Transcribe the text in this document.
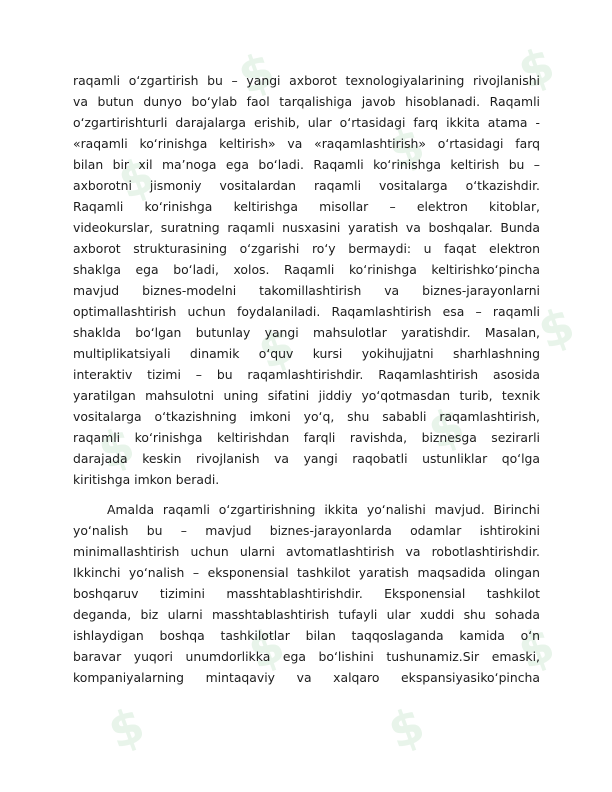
$
$
$
$
$
$
$
$
$
$
$
$
raqamli o‘zgartirish bu – yangi axborot texnologiyalarining rivojlanishi
va butun dunyo bo‘ylab faol tarqalishiga javob hisoblanadi. Raqamli
o‘zgartirishturli darajalarga erishib, ular o‘rtasidagi farq ikkita atama -
«raqamli ko‘rinishga keltirish» va «raqamlashtirish» o‘rtasidagi farq
bilan bir xil ma’noga ega bo‘ladi. Raqamli ko‘rinishga keltirish bu –
axborotni jismoniy vositalardan raqamli vositalarga o‘tkazishdir.
Raqamli ko‘rinishga keltirishga misollar – elektron kitoblar,
videokurslar, suratning raqamli nusxasini yaratish va boshqalar. Bunda
axborot strukturasining o‘zgarishi ro‘y bermaydi: u faqat elektron
shaklga ega bo‘ladi, xolos. Raqamli ko‘rinishga keltirishko‘pincha
mavjud biznes-modelni takomillashtirish va biznes-jarayonlarni
optimallashtirish uchun foydalaniladi. Raqamlashtirish esa – raqamli
shaklda bo‘lgan butunlay yangi mahsulotlar yaratishdir. Masalan,
multiplikatsiyali dinamik o‘quv kursi yokihujjatni sharhlashning
interaktiv tizimi – bu raqamlashtirishdir. Raqamlashtirish asosida
yaratilgan mahsulotni uning sifatini jiddiy yo‘qotmasdan turib, texnik
vositalarga o‘tkazishning imkoni yo‘q, shu sababli raqamlashtirish,
raqamli ko‘rinishga keltirishdan farqli ravishda, biznesga sezirarli
darajada keskin rivojlanish va yangi raqobatli ustunliklar qo‘lga
kiritishga imkon beradi.
Amalda raqamli o‘zgartirishning ikkita yo‘nalishi mavjud. Birinchi
yo‘nalish bu – mavjud biznes-jarayonlarda odamlar ishtirokini
minimallashtirish uchun ularni avtomatlashtirish va robotlashtirishdir.
Ikkinchi yo‘nalish – eksponensial tashkilot yaratish maqsadida olingan
boshqaruv tizimini masshtablashtirishdir. Eksponensial tashkilot
deganda, biz ularni masshtablashtirish tufayli ular xuddi shu sohada
ishlaydigan boshqa tashkilotlar bilan taqqoslaganda kamida o‘n
baravar yuqori unumdorlikka ega bo‘lishini tushunamiz.Sir emaski,
kompaniyalarning mintaqaviy va xalqaro ekspansiyasiko‘pincha
